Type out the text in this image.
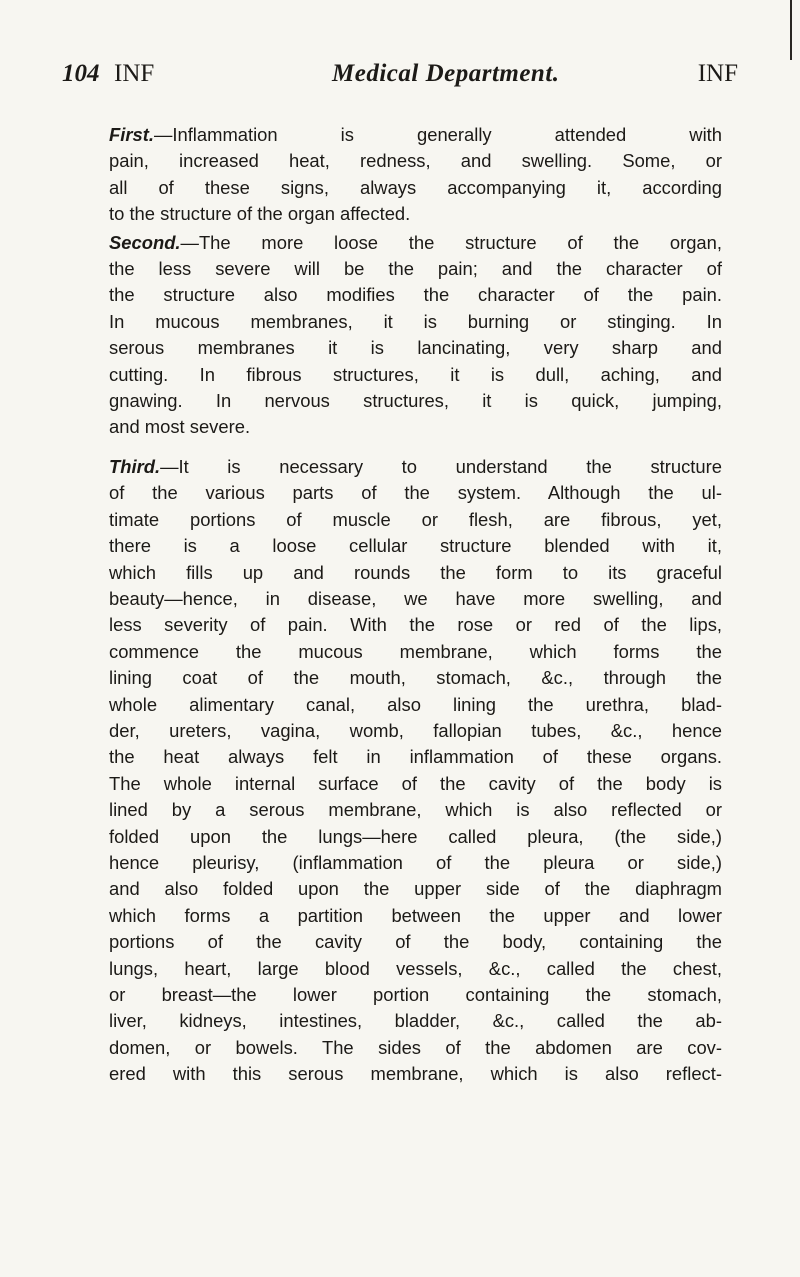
104 INF	Medical Department.	INF

First.—Inflammation is generally attended with
pain, increased heat, redness, and swelling. Some, or
all of these signs, always accompanying it, according
to the structure of the organ affected.

Second.—The more loose the structure of the organ,
the less severe will be the pain; and the character of
the structure also modifies the character of the pain.
In mucous membranes, it is burning or stinging. In
serous membranes it is lancinating, very sharp and
cutting. In fibrous structures, it is dull, aching, and
gnawing. In nervous structures, it is quick, jumping,
and most severe.

Third.—It is necessary to understand the structure
of the various parts of the system. Although the ul-
timate portions of muscle or flesh, are fibrous, yet,
there is a loose cellular structure blended with it,
which fills up and rounds the form to its graceful
beauty—hence, in disease, we have more swelling, and
less severity of pain. With the rose or red of the lips,
commence the mucous membrane, which forms the
lining coat of the mouth, stomach, &c., through the
whole alimentary canal, also lining the urethra, blad-
der, ureters, vagina, womb, fallopian tubes, &c., hence
the heat always felt in inflammation of these organs.
The whole internal surface of the cavity of the body is
lined by a serous membrane, which is also reflected or
folded upon the lungs—here called pleura, (the side,)
hence pleurisy, (inflammation of the pleura or side,)
and also folded upon the upper side of the diaphragm
which forms a partition between the upper and lower
portions of the cavity of the body, containing the
lungs, heart, large blood vessels, &c., called the chest,
or breast—the lower portion containing the stomach,
liver, kidneys, intestines, bladder, &c., called the ab-
domen, or bowels. The sides of the abdomen are cov-
ered with this serous membrane, which is also reflect-
